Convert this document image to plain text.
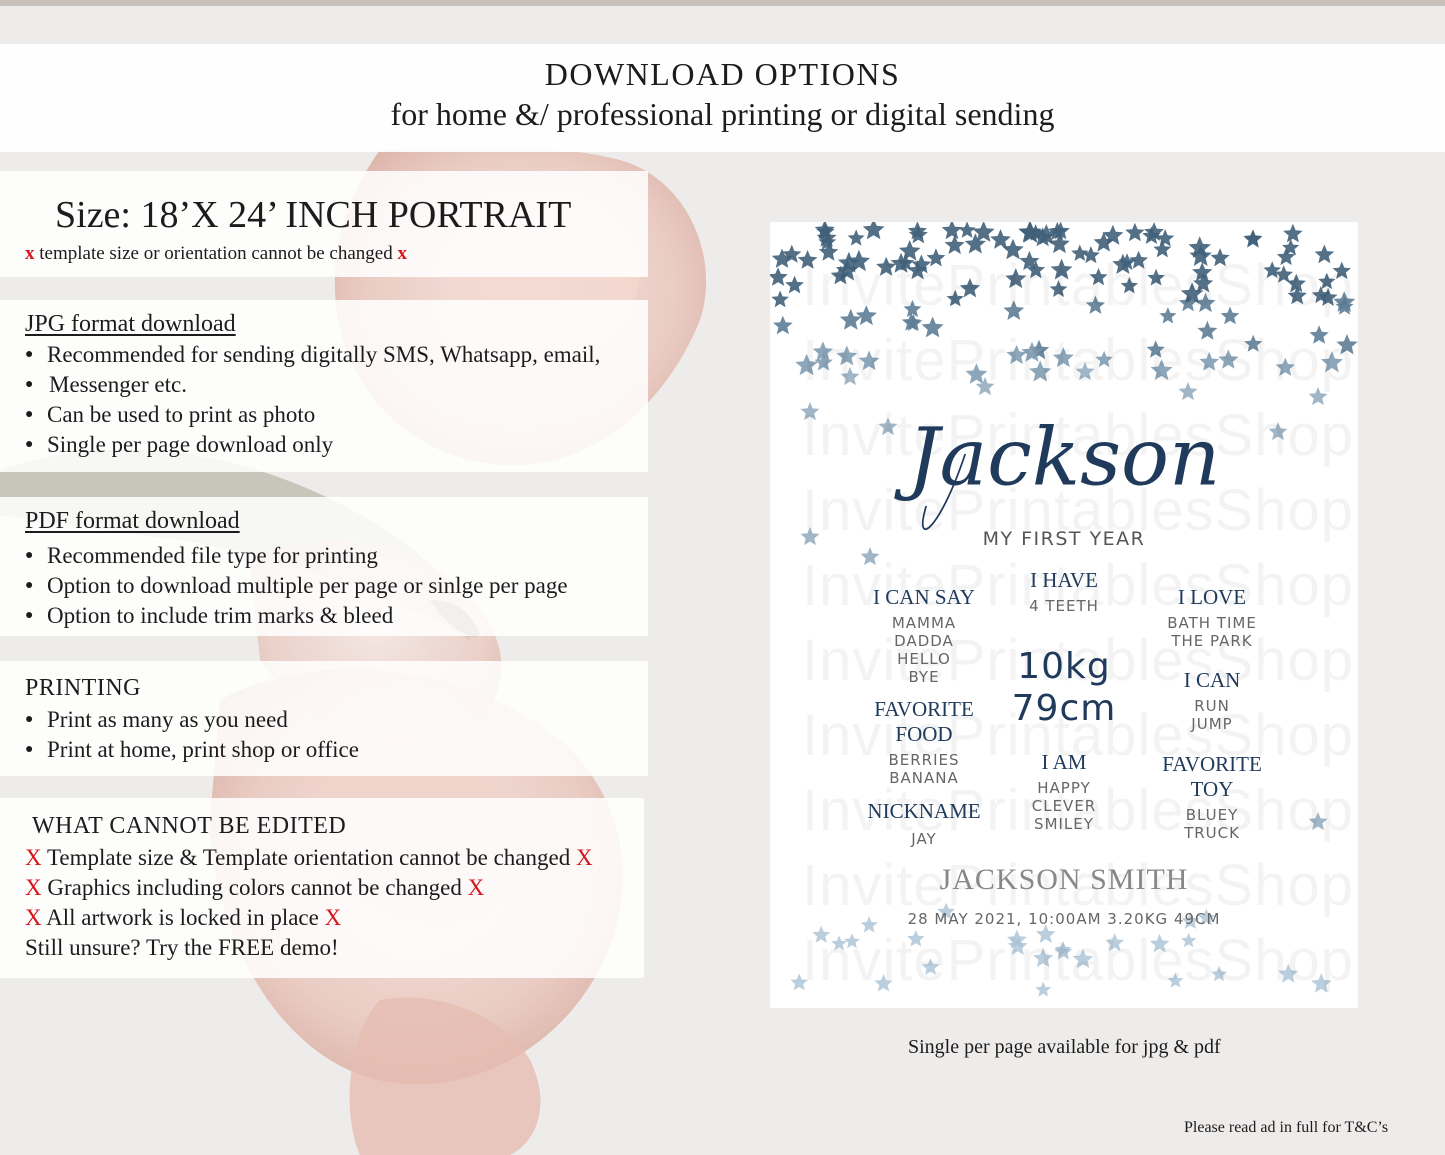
DOWNLOAD OPTIONS
for home &/ professional printing or digital sending
Size: 18’X 24’ INCH PORTRAIT
x template size or orientation cannot be changed x
JPG format download
● Recommended for sending digitally SMS, Whatsapp, email,
● Messenger etc.
● Can be used to print as photo
● Single per page download only
PDF format download
● Recommended file type for printing
● Option to download multiple per page or sinlge per page
● Option to include trim marks & bleed
PRINTING
● Print as many as you need
● Print at home, print shop or office
WHAT CANNOT BE EDITED
X Template size & Template orientation cannot be changed X
X Graphics including colors cannot be changed X
X All artwork is locked in place X
Still unsure? Try the FREE demo!
Jackson
MY FIRST YEAR
I CAN SAY
MAMMA
DADDA
HELLO
BYE
FAVORITE
FOOD
BERRIES
BANANA
NICKNAME
JAY
I HAVE
4 TEETH
10kg
79cm
I AM
HAPPY
CLEVER
SMILEY
I LOVE
BATH TIME
THE PARK
I CAN
RUN
JUMP
FAVORITE
TOY
BLUEY
TRUCK
JACKSON SMITH
28 MAY 2021, 10:00AM 3.20KG 49CM
Single per page available for jpg & pdf
Please read ad in full for T&C’s
